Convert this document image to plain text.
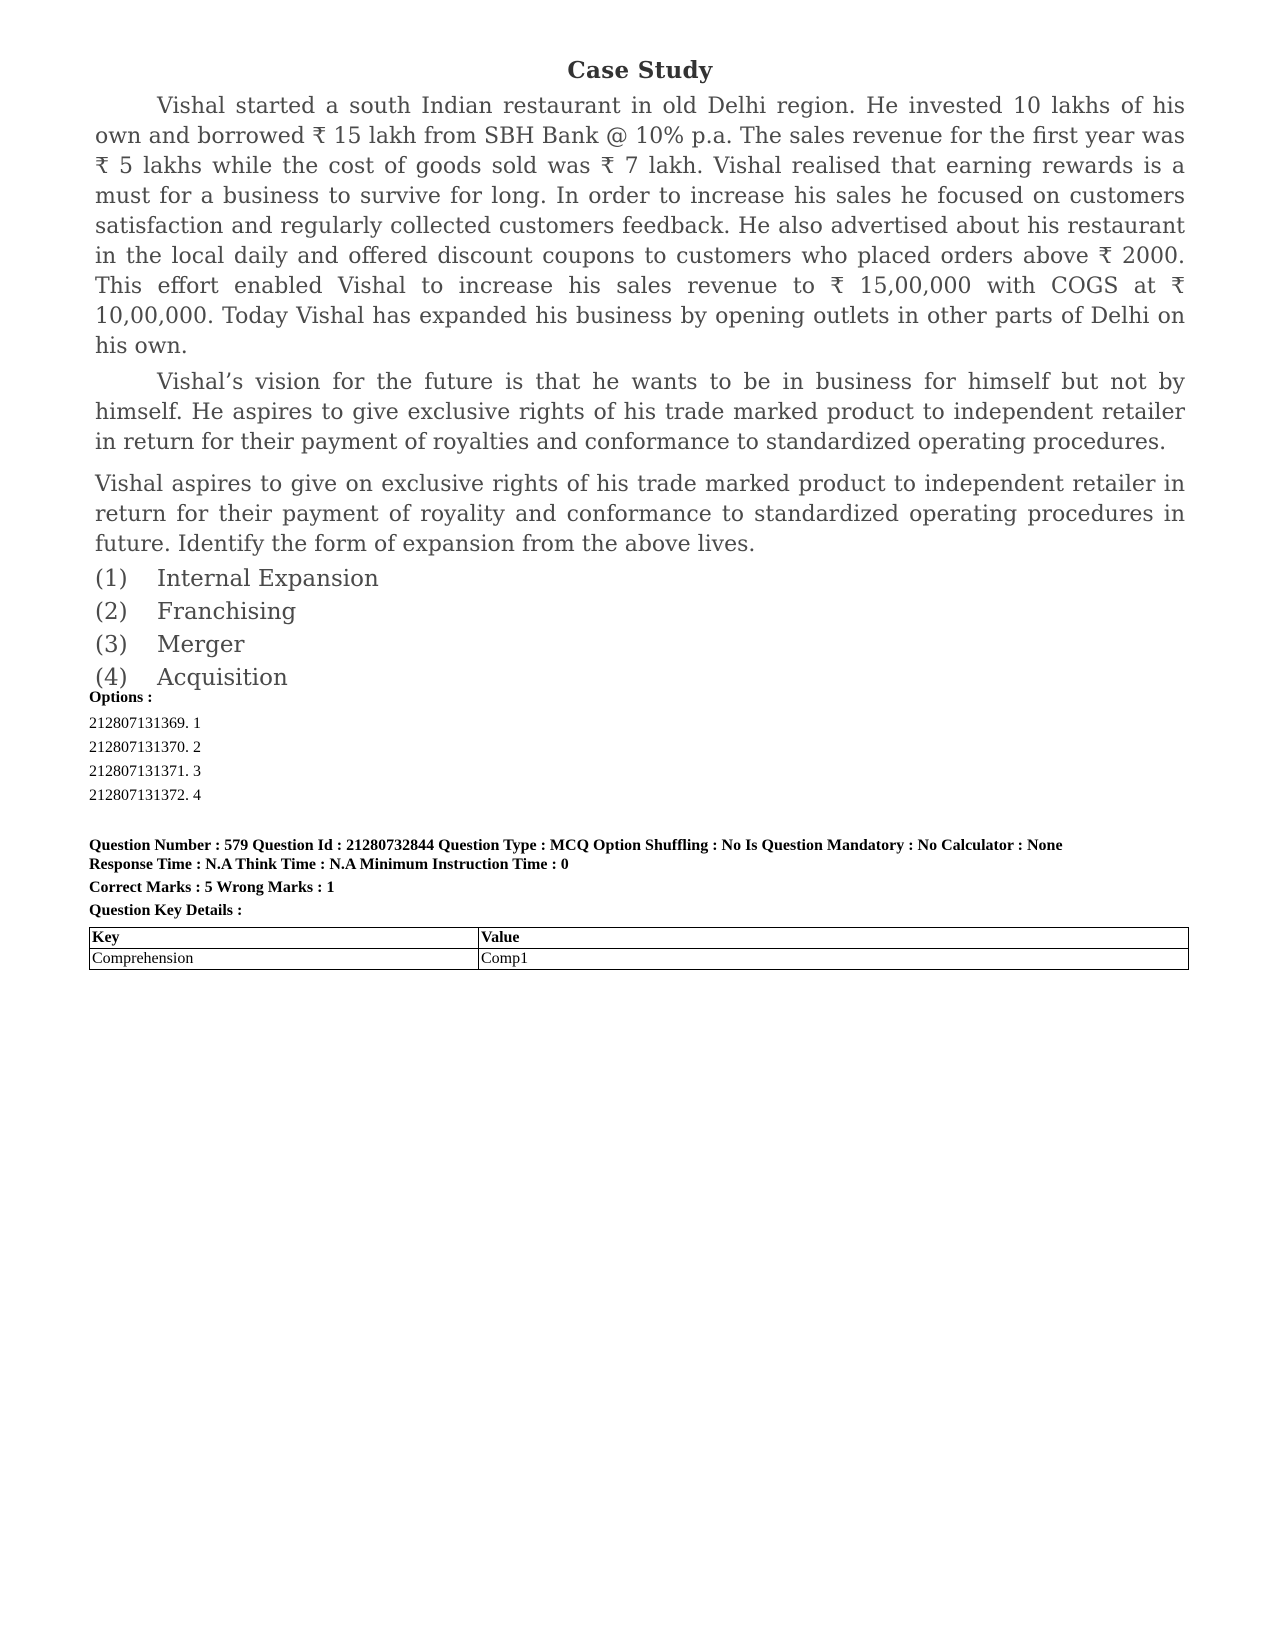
Case Study

Vishal started a south Indian restaurant in old Delhi region. He invested 10 lakhs of his own and borrowed ₹ 15 lakh from SBH Bank @ 10% p.a. The sales revenue for the first year was ₹ 5 lakhs while the cost of goods sold was ₹ 7 lakh. Vishal realised that earning rewards is a must for a business to survive for long. In order to increase his sales he focused on customers satisfaction and regularly collected customers feedback. He also advertised about his restaurant in the local daily and offered discount coupons to customers who placed orders above ₹ 2000. This effort enabled Vishal to increase his sales revenue to ₹ 15,00,000 with COGS at ₹ 10,00,000. Today Vishal has expanded his business by opening outlets in other parts of Delhi on his own.

Vishal’s vision for the future is that he wants to be in business for himself but not by himself. He aspires to give exclusive rights of his trade marked product to independent retailer in return for their payment of royalties and conformance to standardized operating procedures.

Vishal aspires to give on exclusive rights of his trade marked product to independent retailer in return for their payment of royality and conformance to standardized operating procedures in future. Identify the form of expansion from the above lives.

(1)	Internal Expansion
(2)	Franchising
(3)	Merger
(4)	Acquisition
Options :
212807131369. 1
212807131370. 2
212807131371. 3
212807131372. 4
Question Number : 579 Question Id : 21280732844 Question Type : MCQ Option Shuffling : No Is Question Mandatory : No Calculator : None
Response Time : N.A Think Time : N.A Minimum Instruction Time : 0
Correct Marks : 5 Wrong Marks : 1
Question Key Details :
Key	Value
Comprehension	Comp1
